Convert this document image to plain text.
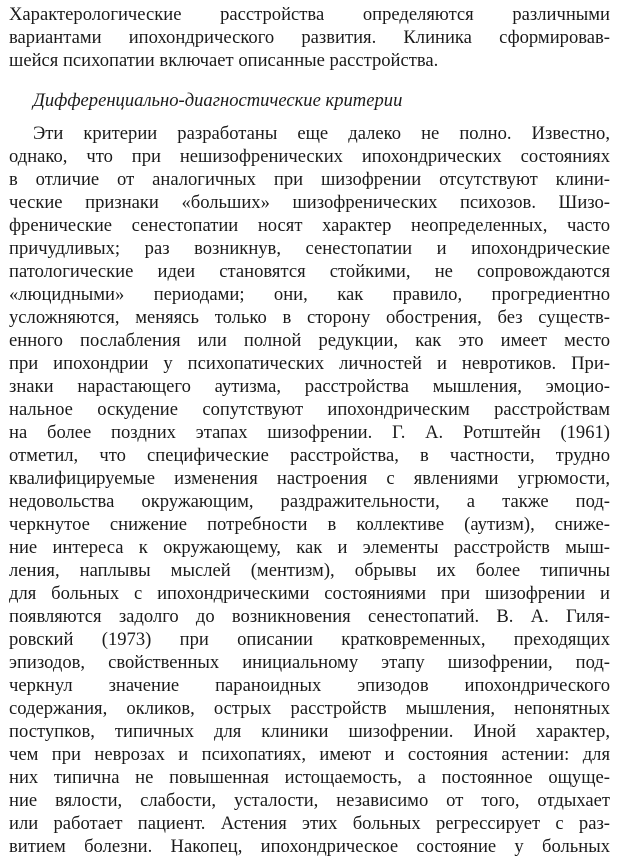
Характерологические расстройства определяются различными
вариантами ипохондрического развития. Клиника сформировав-
шейся психопатии включает описанные расстройства.
Дифференциально-диагностические критерии
Эти критерии разработаны еще далеко не полно. Известно,
однако, что при нешизофренических ипохондрических состояниях
в отличие от аналогичных при шизофрении отсутствуют клини-
ческие признаки «больших» шизофренических психозов. Шизо-
френические сенестопатии носят характер неопределенных, часто
причудливых; раз возникнув, сенестопатии и ипохондрические
патологические идеи становятся стойкими, не сопровождаются
«люцидными» периодами; они, как правило, прогредиентно
усложняются, меняясь только в сторону обострения, без существ-
енного послабления или полной редукции, как это имеет место
при ипохондрии у психопатических личностей и невротиков. При-
знаки нарастающего аутизма, расстройства мышления, эмоцио-
нальное оскудение сопутствуют ипохондрическим расстройствам
на более поздних этапах шизофрении. Г. А. Ротштейн (1961)
отметил, что специфические расстройства, в частности, трудно
квалифицируемые изменения настроения с явлениями угрюмости,
недовольства окружающим, раздражительности, а также под-
черкнутое снижение потребности в коллективе (аутизм), сниже-
ние интереса к окружающему, как и элементы расстройств мыш-
ления, наплывы мыслей (ментизм), обрывы их более типичны
для больных с ипохондрическими состояниями при шизофрении и
появляются задолго до возникновения сенестопатий. В. А. Гиля-
ровский (1973) при описании кратковременных, преходящих
эпизодов, свойственных инициальному этапу шизофрении, под-
черкнул значение параноидных эпизодов ипохондрического
содержания, окликов, острых расстройств мышления, непонятных
поступков, типичных для клиники шизофрении. Иной характер,
чем при неврозах и психопатиях, имеют и состояния астении: для
них типична не повышенная истощаемость, а постоянное ощуще-
ние вялости, слабости, усталости, независимо от того, отдыхает
или работает пациент. Астения этих больных регрессирует с раз-
витием болезни. Накопец, ипохондрическое состояние у больных
